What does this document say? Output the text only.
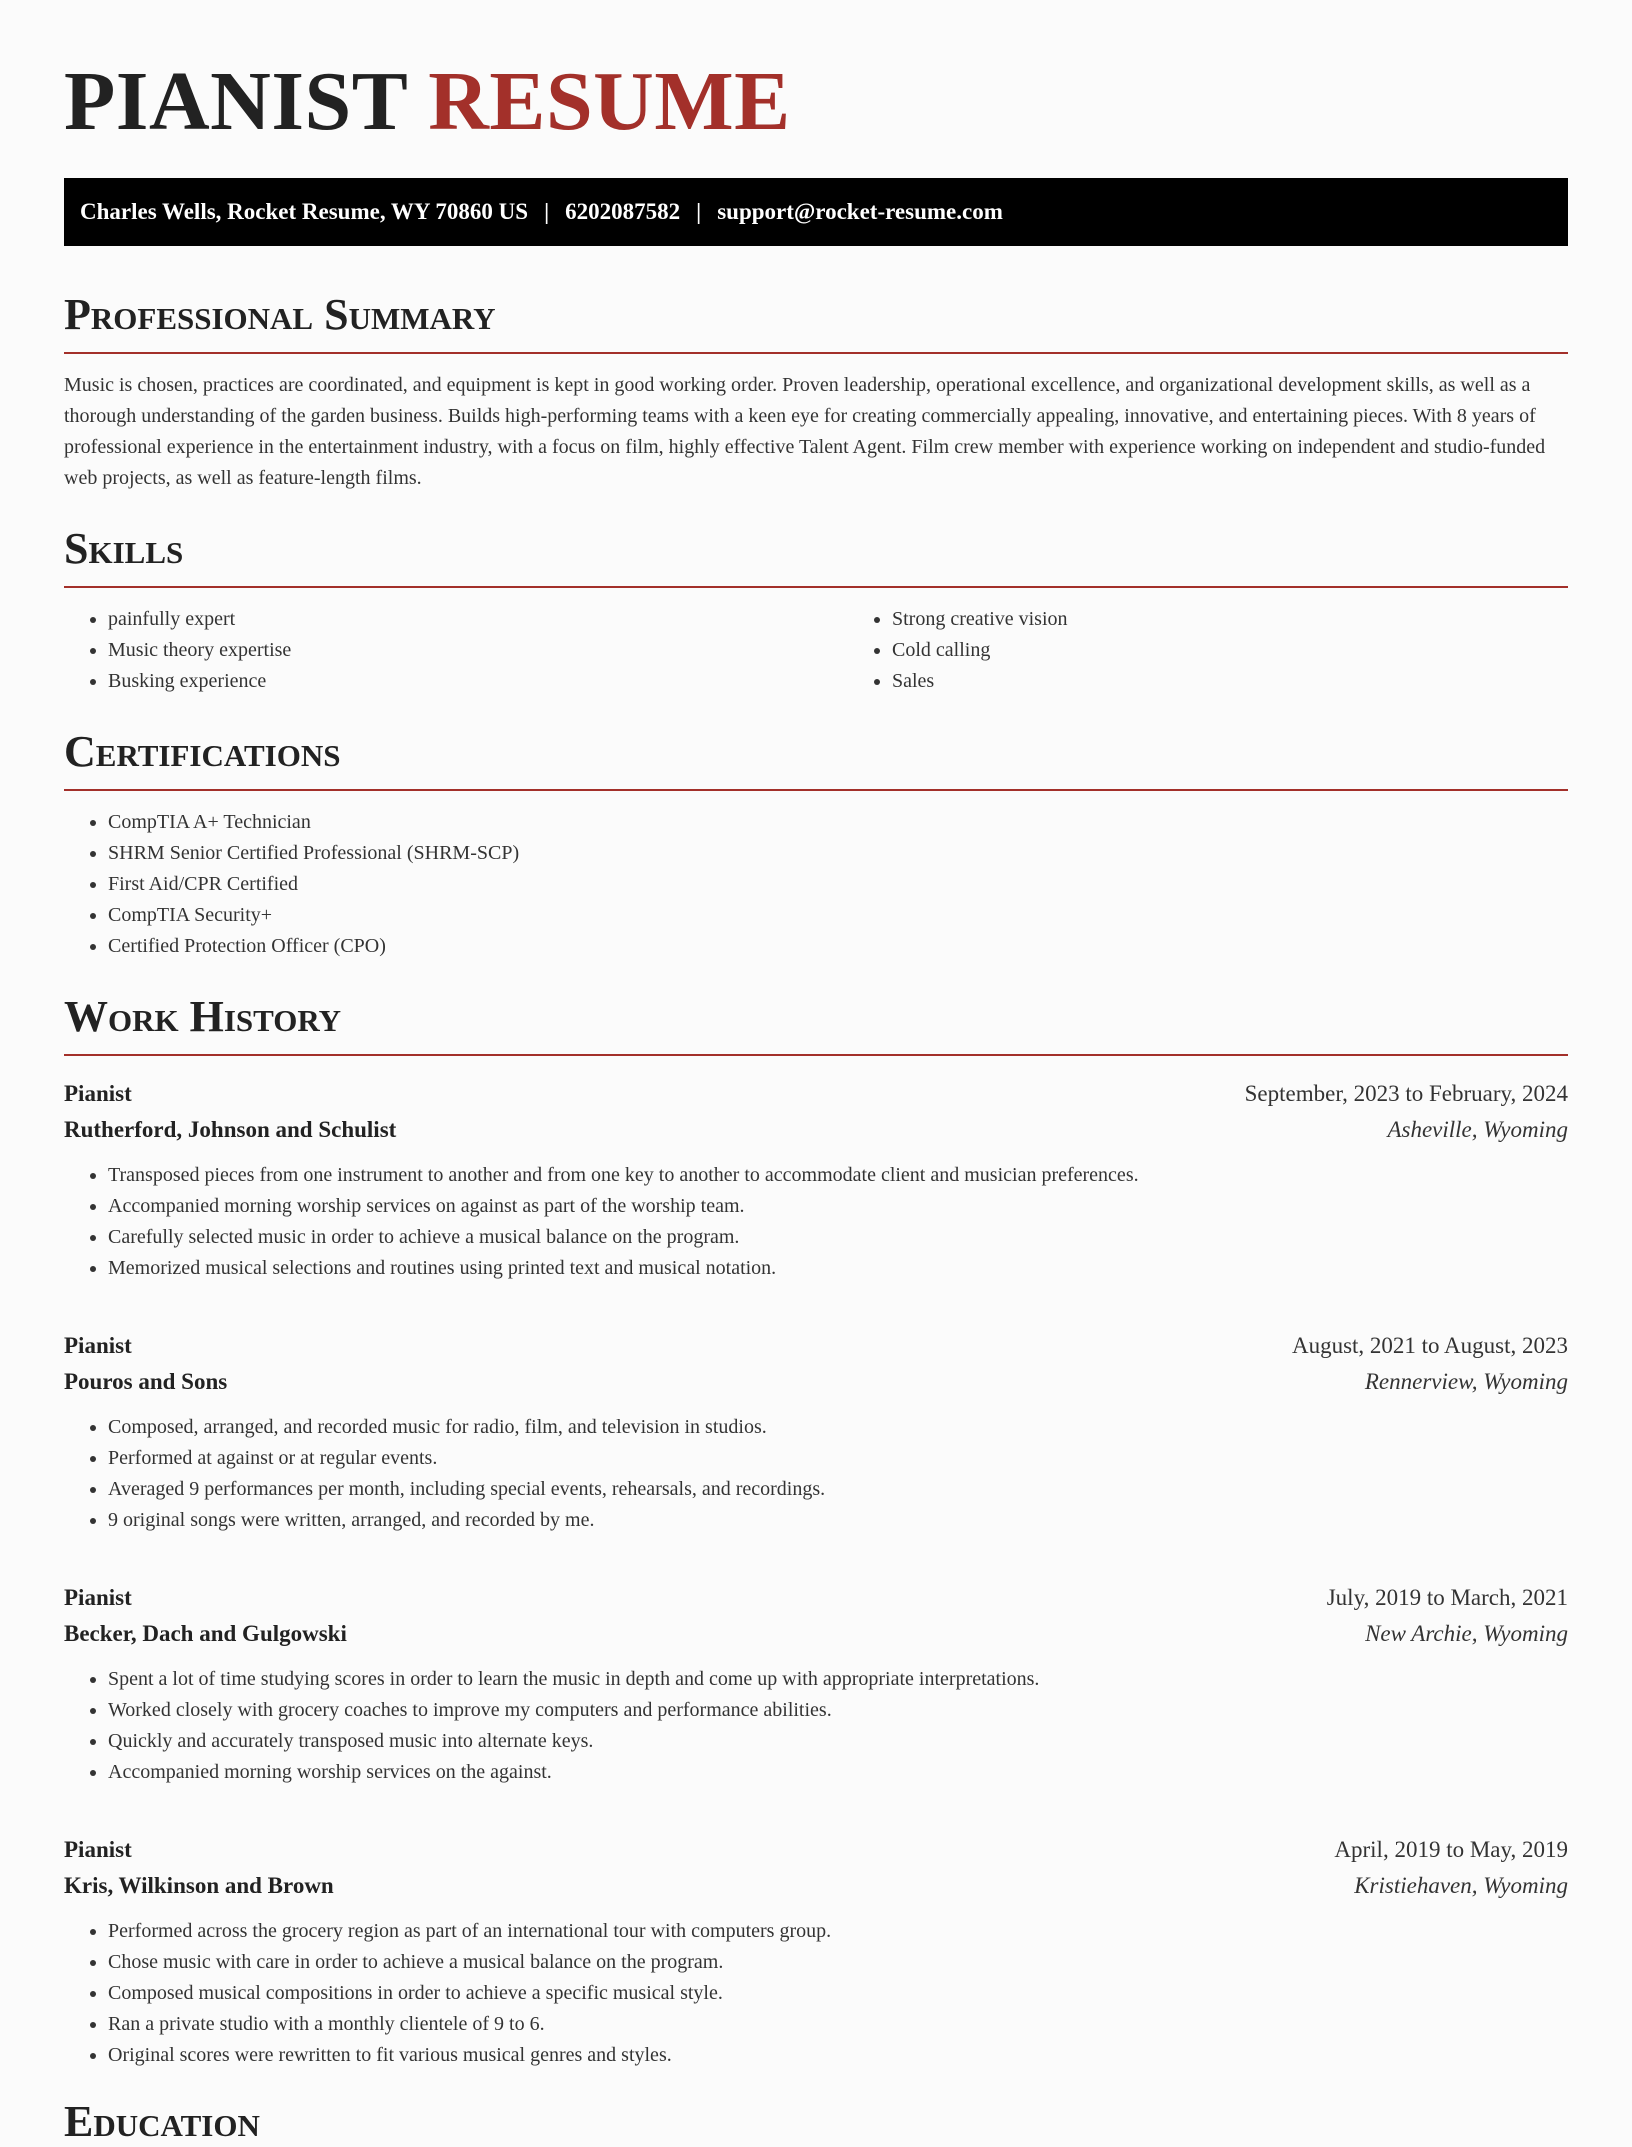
PIANIST RESUME
Charles Wells, Rocket Resume, WY 70860 US | 6202087582 | support@rocket-resume.com
Professional Summary

Music is chosen, practices are coordinated, and equipment is kept in good working order. Proven leadership, operational excellence, and organizational development skills, as well as a thorough understanding of the garden business. Builds high-performing teams with a keen eye for creating commercially appealing, innovative, and entertaining pieces. With 8 years of professional experience in the entertainment industry, with a focus on film, highly effective Talent Agent. Film crew member with experience working on independent and studio-funded web projects, as well as feature-length films.

Skills
• painfully expert
• Music theory expertise
• Busking experience
• Strong creative vision
• Cold calling
• Sales
Certifications
• CompTIA A+ Technician
• SHRM Senior Certified Professional (SHRM-SCP)
• First Aid/CPR Certified
• CompTIA Security+
• Certified Protection Officer (CPO)
Work History
Pianist	September, 2023 to February, 2024
Rutherford, Johnson and Schulist	Asheville, Wyoming
• Transposed pieces from one instrument to another and from one key to another to accommodate client and musician preferences.
• Accompanied morning worship services on against as part of the worship team.
• Carefully selected music in order to achieve a musical balance on the program.
• Memorized musical selections and routines using printed text and musical notation.
Pianist	August, 2021 to August, 2023
Pouros and Sons	Rennerview, Wyoming
• Composed, arranged, and recorded music for radio, film, and television in studios.
• Performed at against or at regular events.
• Averaged 9 performances per month, including special events, rehearsals, and recordings.
• 9 original songs were written, arranged, and recorded by me.
Pianist	July, 2019 to March, 2021
Becker, Dach and Gulgowski	New Archie, Wyoming
• Spent a lot of time studying scores in order to learn the music in depth and come up with appropriate interpretations.
• Worked closely with grocery coaches to improve my computers and performance abilities.
• Quickly and accurately transposed music into alternate keys.
• Accompanied morning worship services on the against.
Pianist	April, 2019 to May, 2019
Kris, Wilkinson and Brown	Kristiehaven, Wyoming
• Performed across the grocery region as part of an international tour with computers group.
• Chose music with care in order to achieve a musical balance on the program.
• Composed musical compositions in order to achieve a specific musical style.
• Ran a private studio with a monthly clientele of 9 to 6.
• Original scores were rewritten to fit various musical genres and styles.
Education
